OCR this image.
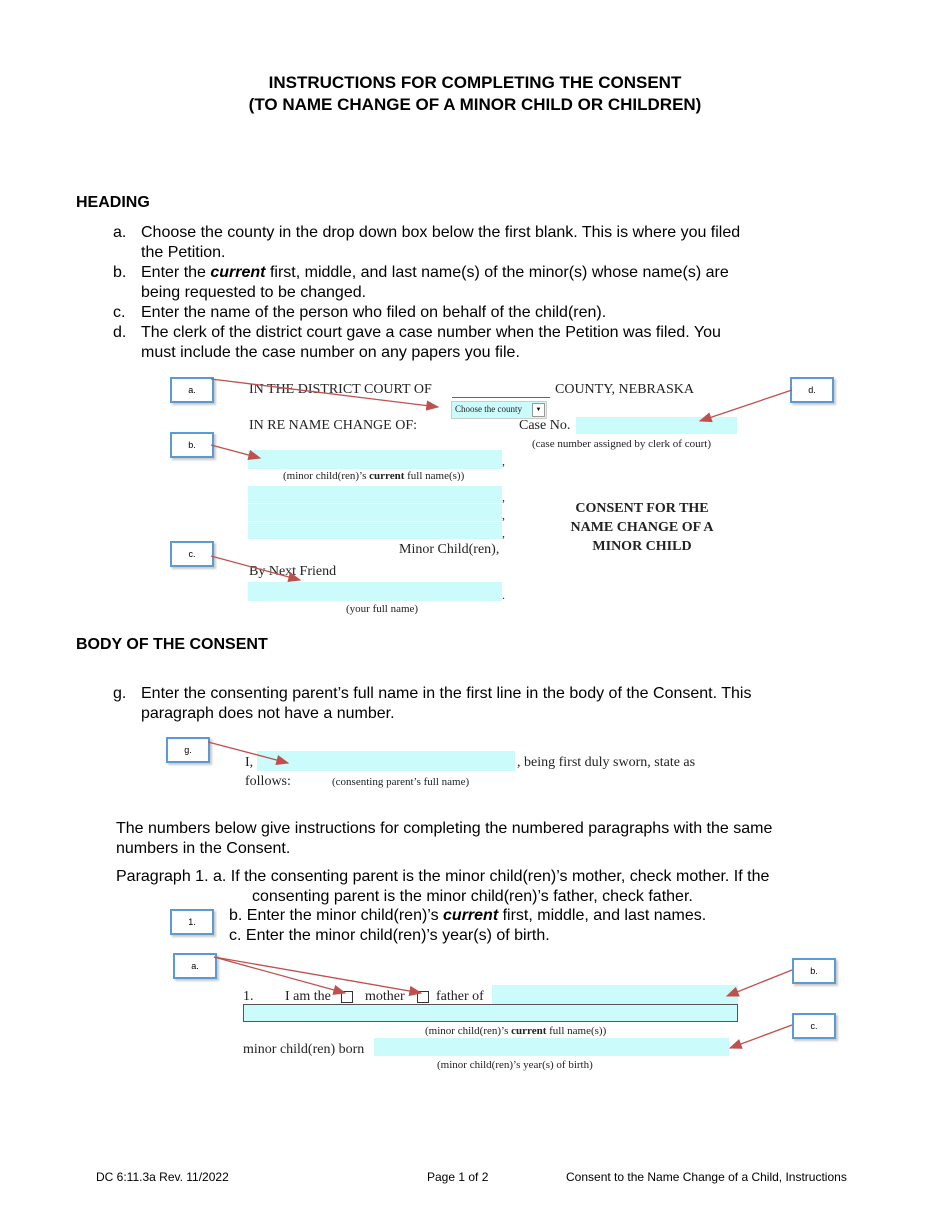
INSTRUCTIONS FOR COMPLETING THE CONSENT
(TO NAME CHANGE OF A MINOR CHILD OR CHILDREN)
HEADING
a. Choose the county in the drop down box below the first blank. This is where you filed
the Petition.
b. Enter the current first, middle, and last name(s) of the minor(s) whose name(s) are
being requested to be changed.
c. Enter the name of the person who filed on behalf of the child(ren).
d. The clerk of the district court gave a case number when the Petition was filed. You
must include the case number on any papers you file.
IN THE DISTRICT COURT OF	COUNTY, NEBRASKA
Choose the county	▼
IN RE NAME CHANGE OF:	Case No.
(case number assigned by clerk of court)
,
(minor child(ren)’s current full name(s))
,
,
,
Minor Child(ren),
CONSENT FOR THE
NAME CHANGE OF A
MINOR CHILD
By Next Friend
.
(your full name)
a.
b.
c.
d.
BODY OF THE CONSENT
g. Enter the consenting parent’s full name in the first line in the body of the Consent. This
paragraph does not have a number.
I,	, being first duly sworn, state as
follows:	(consenting parent’s full name)
g.
The numbers below give instructions for completing the numbered paragraphs with the same
numbers in the Consent.
Paragraph 1. a. If the consenting parent is the minor child(ren)’s mother, check mother. If the
consenting parent is the minor child(ren)’s father, check father.
b. Enter the minor child(ren)’s current first, middle, and last names.
c. Enter the minor child(ren)’s year(s) of birth.
1.
a.	b.
c.
1. I am the mother father of
(minor child(ren)’s current full name(s))
minor child(ren) born
(minor child(ren)’s year(s) of birth)
DC 6:11.3a Rev. 11/2022	Page 1 of 2	Consent to the Name Change of a Child, Instructions
